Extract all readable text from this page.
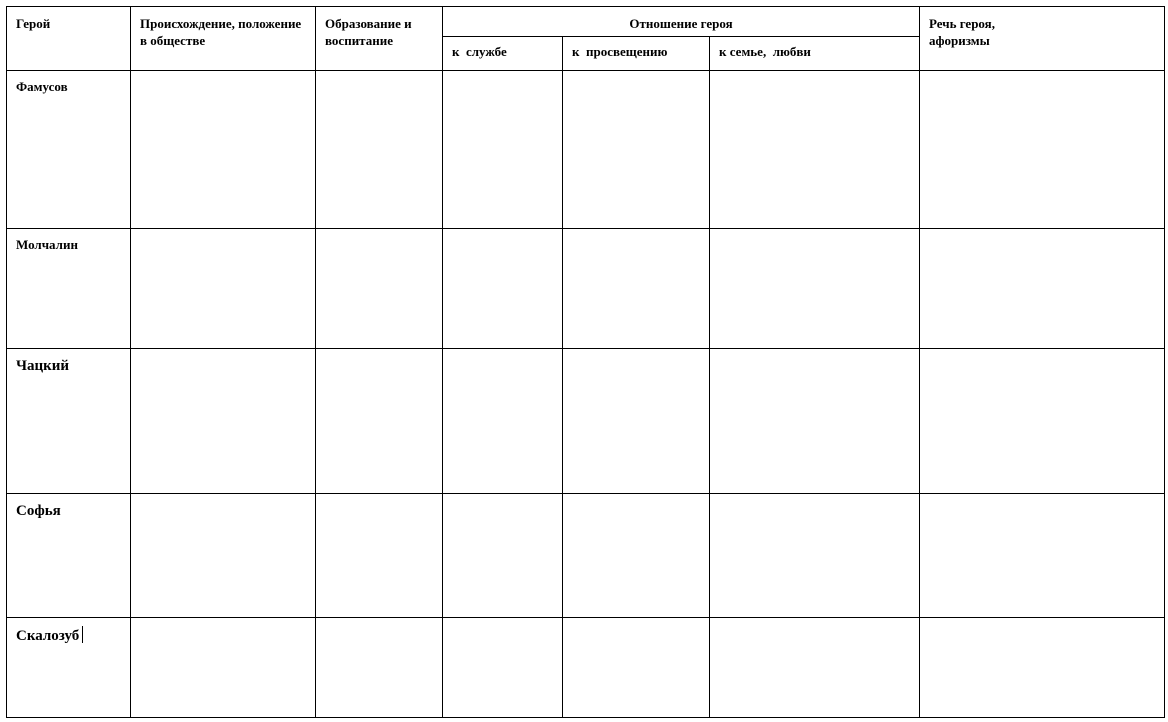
Герой	Происхождение, положение в обществе	Образование и воспитание	Отношение героя			Речь героя, афоризмы
			к  службе	к  просвещению	к семье,  любви	
Фамусов						
Молчалин						
Чацкий						
Софья						
Скалозуб						
